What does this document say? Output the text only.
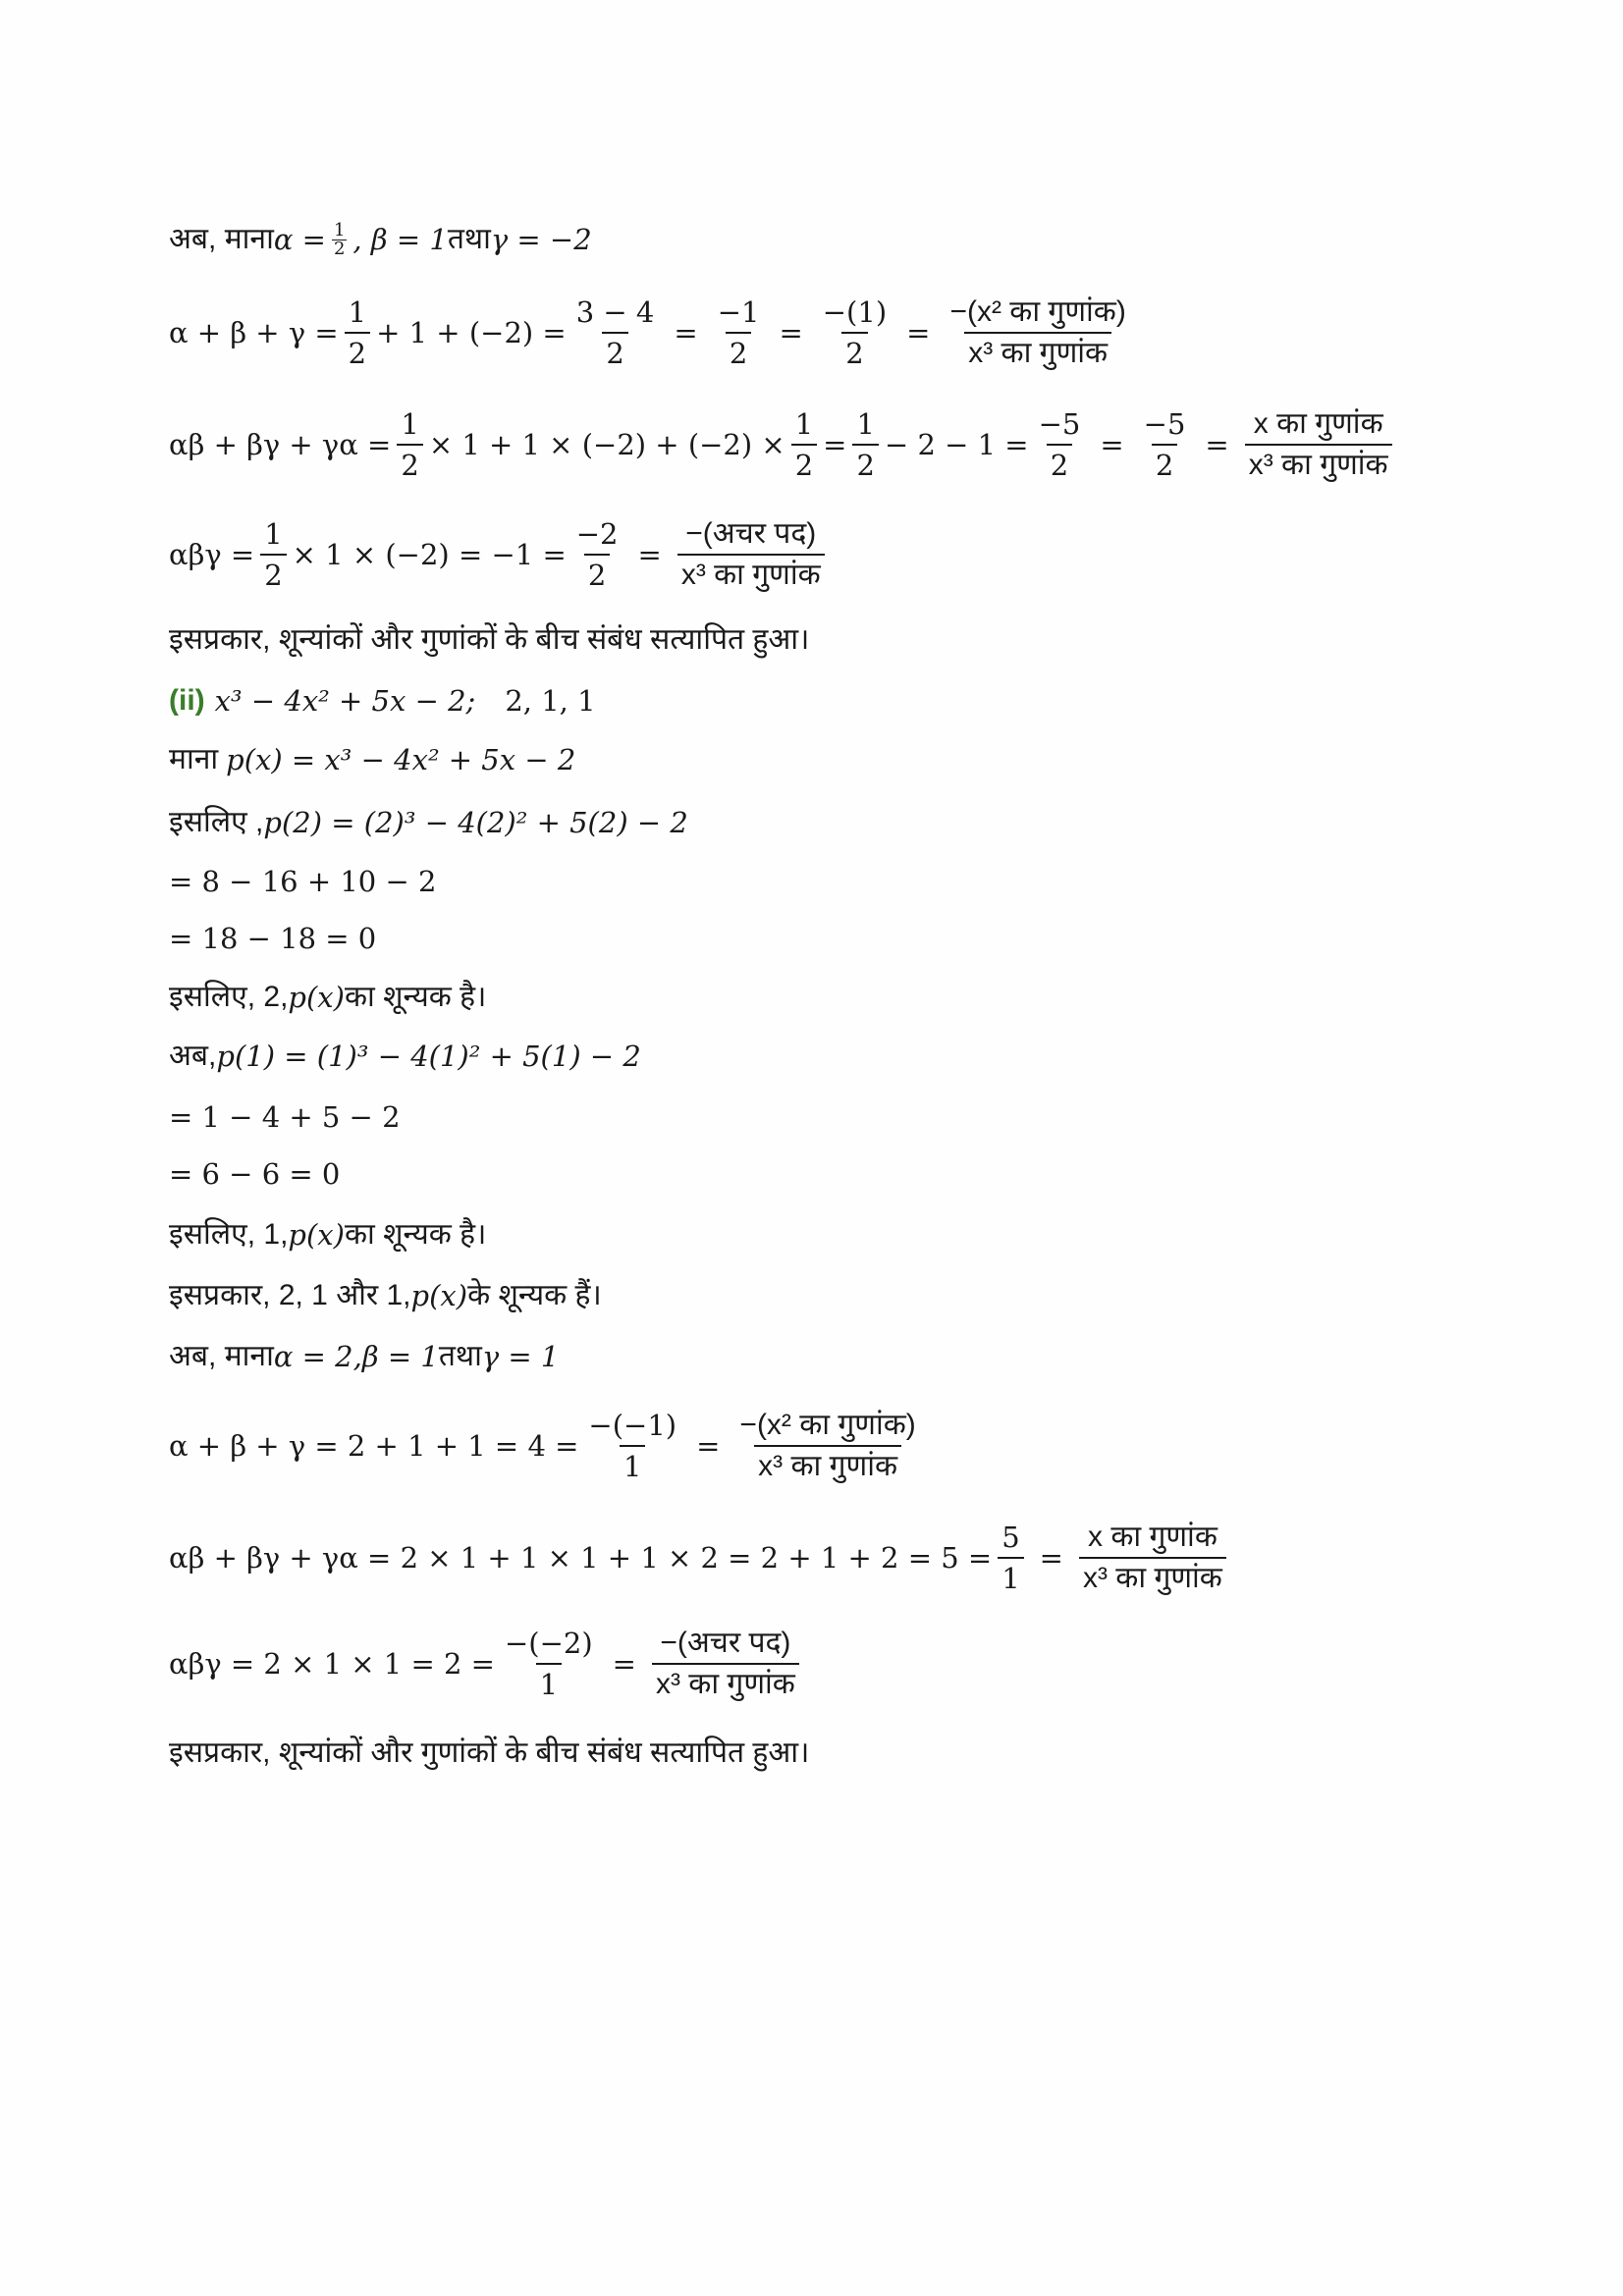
अब, माना $\alpha = \frac{1}{2}$ , β = 1 तथा γ = −2
$\alpha + \beta + \gamma = \frac{1}{2} + 1 + (-2) = \frac{3 - 4}{2} = \frac{-1}{2} = \frac{-(1)}{2} = \frac{\text{−(x² का गुणांक)}}{\text{x³ का गुणांक}}$
$\alpha\beta + \beta\gamma + \gamma\alpha = \frac{1}{2} \times 1 + 1 \times (-2) + (-2) \times \frac{1}{2} = \frac{1}{2} - 2 - 1 = \frac{-5}{2} = \frac{-5}{2} = \frac{\text{x का गुणांक}}{\text{x³ का गुणांक}}$
$\alpha\beta\gamma = \frac{1}{2} \times 1 \times (-2) = -1 = \frac{-2}{2} = \frac{\text{−(अचर पद)}}{\text{x³ का गुणांक}}$
इसप्रकार, शून्यांकों और गुणांकों के बीच संबंध सत्यापित हुआ।
(ii) x³ − 4x² + 5x − 2; 2, 1, 1
माना p(x) = x³ − 4x² + 5x − 2
इसलिए , p(2) = (2)³ − 4(2)² + 5(2) − 2
= 8 − 16 + 10 − 2
= 18 − 18 = 0
इसलिए, 2, p(x) का शून्यक है।
अब, p(1) = (1)³ − 4(1)² + 5(1) − 2
= 1 − 4 + 5 − 2
= 6 − 6 = 0
इसलिए, 1, p(x) का शून्यक है।
इसप्रकार, 2, 1 और 1, p(x) के शून्यक हैं।
अब, माना α = 2, β = 1 तथा γ = 1
$\alpha + \beta + \gamma = 2 + 1 + 1 = 4 = \frac{-(-1)}{1} = \frac{\text{−(x² का गुणांक)}}{\text{x³ का गुणांक}}$
$\alpha\beta + \beta\gamma + \gamma\alpha = 2 \times 1 + 1 \times 1 + 1 \times 2 = 2 + 1 + 2 = 5 = \frac{5}{1} = \frac{\text{x का गुणांक}}{\text{x³ का गुणांक}}$
$\alpha\beta\gamma = 2 \times 1 \times 1 = 2 = \frac{-(-2)}{1} = \frac{\text{−(अचर पद)}}{\text{x³ का गुणांक}}$
इसप्रकार, शून्यांकों और गुणांकों के बीच संबंध सत्यापित हुआ।
